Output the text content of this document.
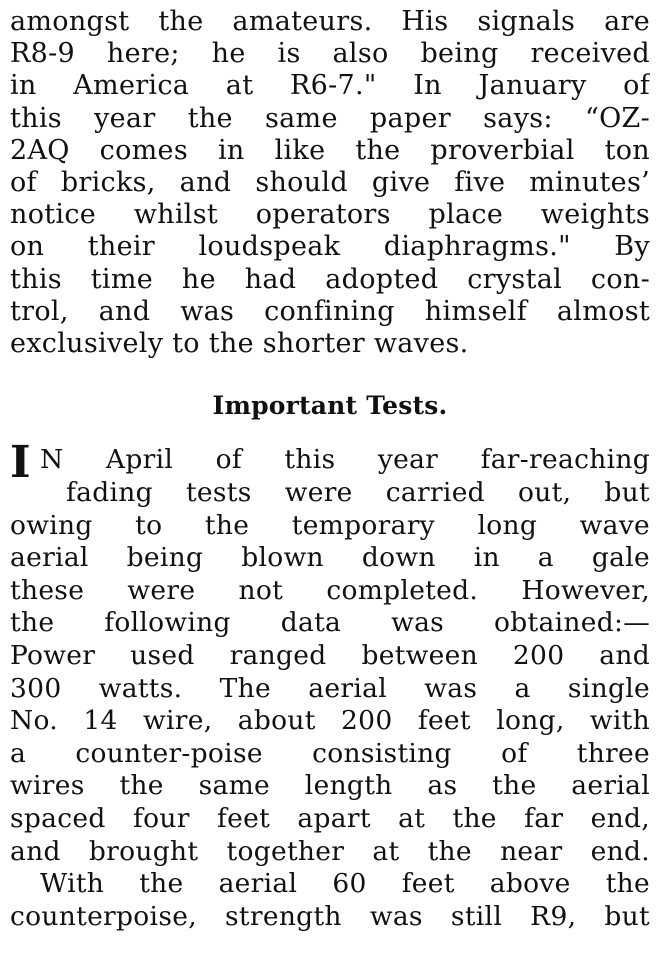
amongst the amateurs. His signals are
R8-9 here; he is also being received
in America at R6-7." In January of
this year the same paper says: “OZ-
2AQ comes in like the proverbial ton
of bricks, and should give five minutes’
notice whilst operators place weights
on their loudspeak diaphragms." By
this time he had adopted crystal con-
trol, and was confining himself almost
exclusively to the shorter waves.
Important Tests.
I N April of this year far-reaching
fading tests were carried out, but
owing to the temporary long wave
aerial being blown down in a gale
these were not completed. However,
the following data was obtained:—
Power used ranged between 200 and
300 watts. The aerial was a single
No. 14 wire, about 200 feet long, with
a counter-poise consisting of three
wires the same length as the aerial
spaced four feet apart at the far end,
and brought together at the near end.
With the aerial 60 feet above the
counterpoise, strength was still R9, but
